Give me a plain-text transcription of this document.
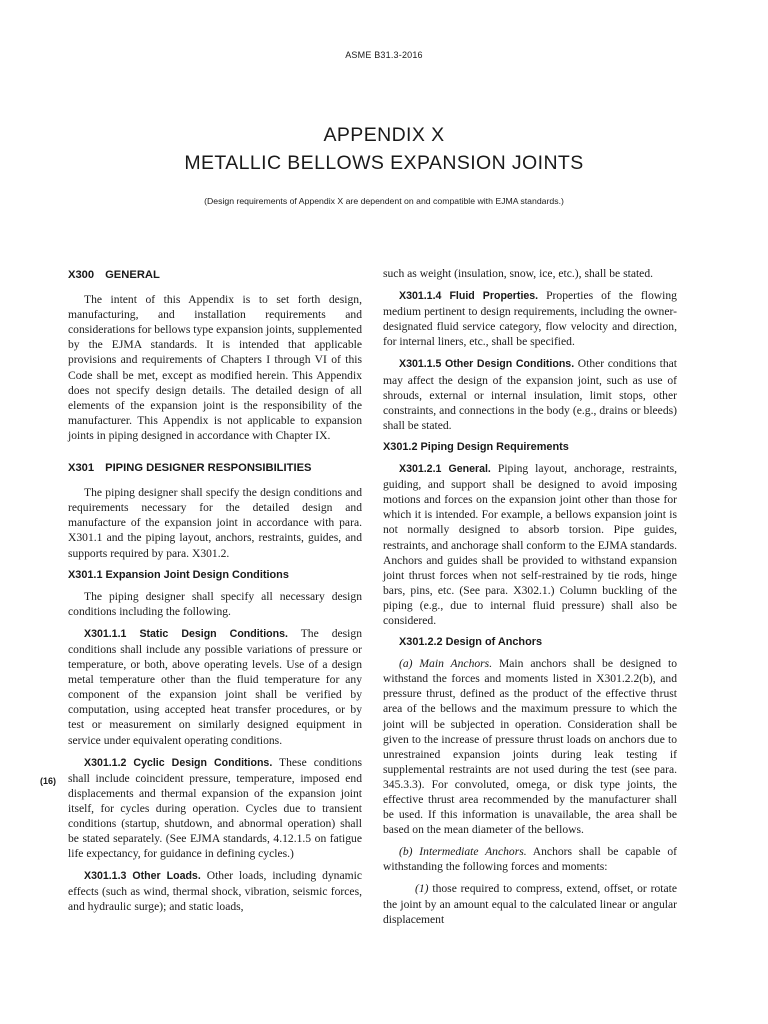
ASME B31.3-2016
APPENDIX X
METALLIC BELLOWS EXPANSION JOINTS
(Design requirements of Appendix X are dependent on and compatible with EJMA standards.)
(16)
X300 GENERAL

The intent of this Appendix is to set forth design, manufacturing, and installation requirements and considerations for bellows type expansion joints, supplemented by the EJMA standards. It is intended that applicable provisions and requirements of Chapters I through VI of this Code shall be met, except as modified herein. This Appendix does not specify design details. The detailed design of all elements of the expansion joint is the responsibility of the manufacturer. This Appendix is not applicable to expansion joints in piping designed in accordance with Chapter IX.

X301 PIPING DESIGNER RESPONSIBILITIES

The piping designer shall specify the design conditions and requirements necessary for the detailed design and manufacture of the expansion joint in accordance with para. X301.1 and the piping layout, anchors, restraints, guides, and supports required by para. X301.2.

X301.1 Expansion Joint Design Conditions

The piping designer shall specify all necessary design conditions including the following.

X301.1.1 Static Design Conditions. The design conditions shall include any possible variations of pressure or temperature, or both, above operating levels. Use of a design metal temperature other than the fluid temperature for any component of the expansion joint shall be verified by computation, using accepted heat transfer procedures, or by test or measurement on similarly designed equipment in service under equivalent operating conditions.

X301.1.2 Cyclic Design Conditions. These conditions shall include coincident pressure, temperature, imposed end displacements and thermal expansion of the expansion joint itself, for cycles during operation. Cycles due to transient conditions (startup, shutdown, and abnormal operation) shall be stated separately. (See EJMA standards, 4.12.1.5 on fatigue life expectancy, for guidance in defining cycles.)

X301.1.3 Other Loads. Other loads, including dynamic effects (such as wind, thermal shock, vibration, seismic forces, and hydraulic surge); and static loads,

such as weight (insulation, snow, ice, etc.), shall be stated.

X301.1.4 Fluid Properties. Properties of the flowing medium pertinent to design requirements, including the owner-designated fluid service category, flow velocity and direction, for internal liners, etc., shall be specified.

X301.1.5 Other Design Conditions. Other conditions that may affect the design of the expansion joint, such as use of shrouds, external or internal insulation, limit stops, other constraints, and connections in the body (e.g., drains or bleeds) shall be stated.

X301.2 Piping Design Requirements

X301.2.1 General. Piping layout, anchorage, restraints, guiding, and support shall be designed to avoid imposing motions and forces on the expansion joint other than those for which it is intended. For example, a bellows expansion joint is not normally designed to absorb torsion. Pipe guides, restraints, and anchorage shall conform to the EJMA standards. Anchors and guides shall be provided to withstand expansion joint thrust forces when not self-restrained by tie rods, hinge bars, pins, etc. (See para. X302.1.) Column buckling of the piping (e.g., due to internal fluid pressure) shall also be considered.

X301.2.2 Design of Anchors

(a) Main Anchors. Main anchors shall be designed to withstand the forces and moments listed in X301.2.2(b), and pressure thrust, defined as the product of the effective thrust area of the bellows and the maximum pressure to which the joint will be subjected in operation. Consideration shall be given to the increase of pressure thrust loads on anchors due to unrestrained expansion joints during leak testing if supplemental restraints are not used during the test (see para. 345.3.3). For convoluted, omega, or disk type joints, the effective thrust area recommended by the manufacturer shall be used. If this information is unavailable, the area shall be based on the mean diameter of the bellows.

(b) Intermediate Anchors. Anchors shall be capable of withstanding the following forces and moments:

(1) those required to compress, extend, offset, or rotate the joint by an amount equal to the calculated linear or angular displacement
